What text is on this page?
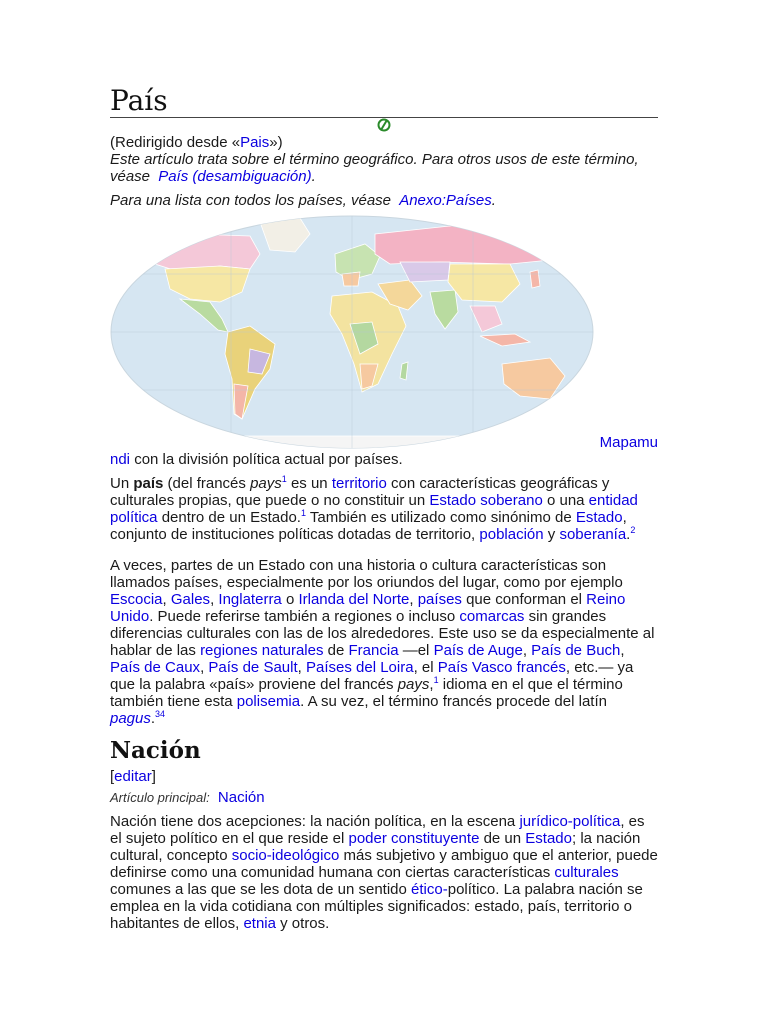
País
(Redirigido desde «Pais»)
Este artículo trata sobre el término geográfico. Para otros usos de este término, véase País (desambiguación).
Para una lista con todos los países, véase Anexo:Países.
Mapamu
ndi con la división política actual por países.

Un país (del francés pays$^1$ es un territorio con características geográficas y culturales propias, que puede o no constituir un Estado soberano o una entidad política dentro de un Estado.$^1$ También es utilizado como sinónimo de Estado, conjunto de instituciones políticas dotadas de territorio, población y soberanía.$^2$

A veces, partes de un Estado con una historia o cultura características son llamados países, especialmente por los oriundos del lugar, como por ejemplo Escocia, Gales, Inglaterra o Irlanda del Norte, países que conforman el Reino Unido. Puede referirse también a regiones o incluso comarcas sin grandes diferencias culturales con las de los alrededores. Este uso se da especialmente al hablar de las regiones naturales de Francia —el País de Auge, País de Buch, País de Caux, País de Sault, Países del Loira, el País Vasco francés, etc.— ya que la palabra «país» proviene del francés pays,$^1$ idioma en el que el término también tiene esta polisemia. A su vez, el término francés procede del latín pagus.$^{34}$

Nación
[editar]
Artículo principal: Nación

Nación tiene dos acepciones: la nación política, en la escena jurídico-política, es el sujeto político en el que reside el poder constituyente de un Estado; la nación cultural, concepto socio-ideológico más subjetivo y ambiguo que el anterior, puede definirse como una comunidad humana con ciertas características culturales comunes a las que se les dota de un sentido ético-político. La palabra nación se emplea en la vida cotidiana con múltiples significados: estado, país, territorio o habitantes de ellos, etnia y otros.
